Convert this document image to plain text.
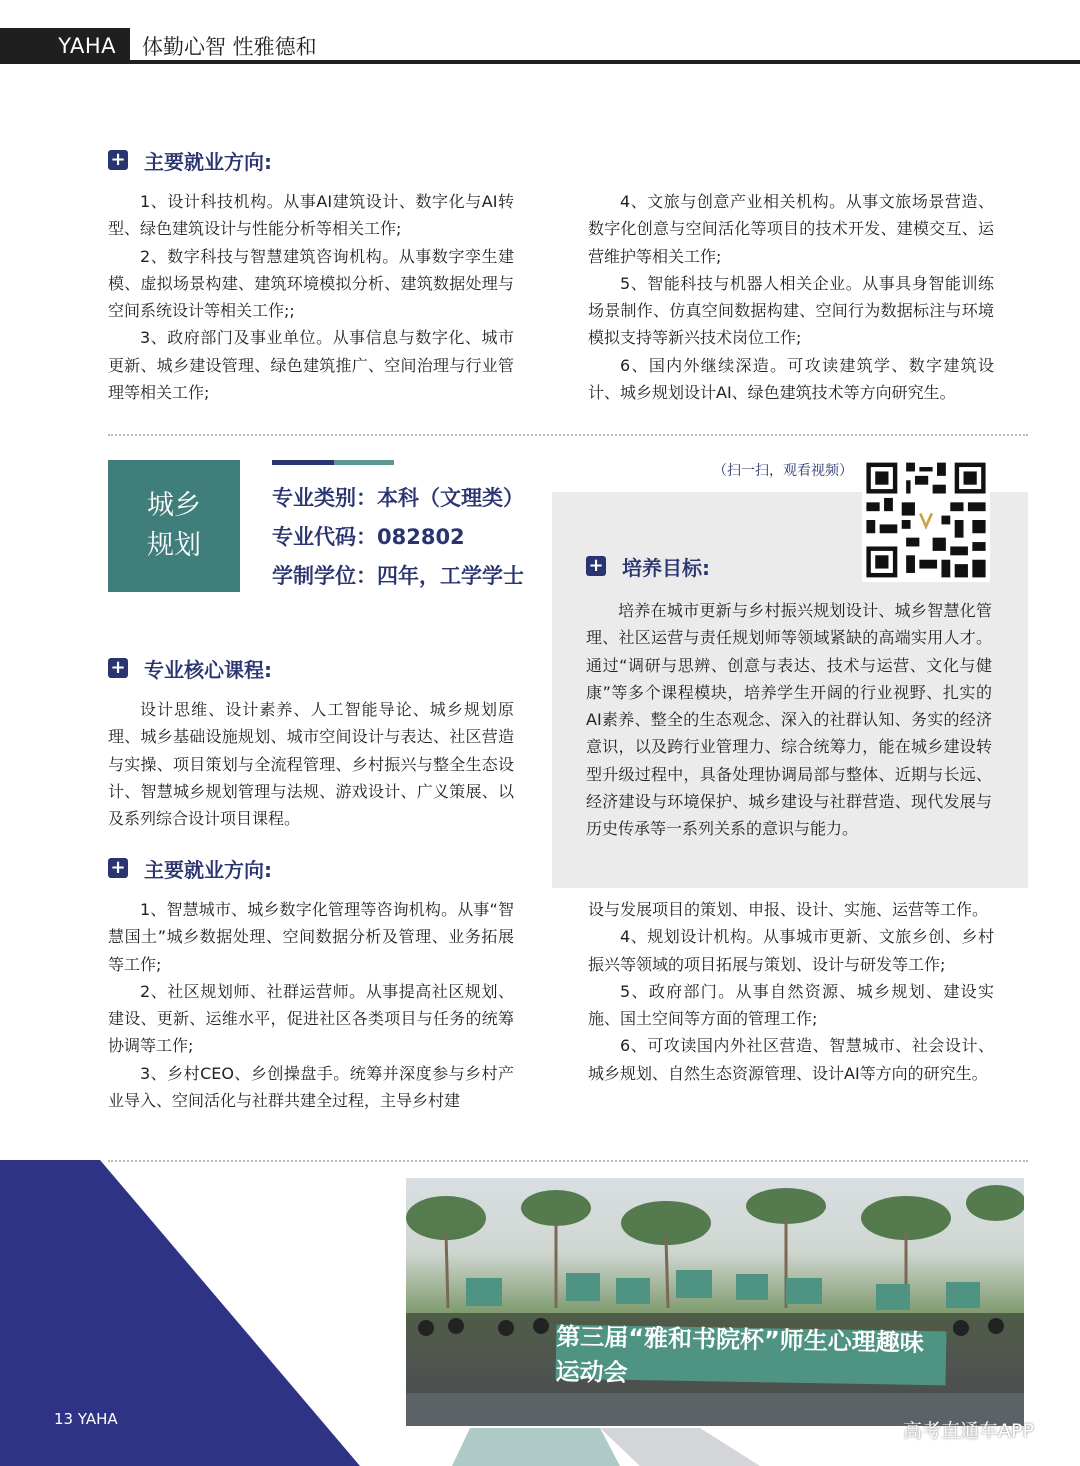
YAHA	体勤心智 性雅德和
+ 主要就业方向:

1、设计科技机构。从事AI建筑设计、数字化与AI转型、绿色建筑设计与性能分析等相关工作;

2、数字科技与智慧建筑咨询机构。从事数字孪生建模、虚拟场景构建、建筑环境模拟分析、建筑数据处理与空间系统设计等相关工作;;

3、政府部门及事业单位。从事信息与数字化、城市更新、城乡建设管理、绿色建筑推广、空间治理与行业管理等相关工作;

4、文旅与创意产业相关机构。从事文旅场景营造、数字化创意与空间活化等项目的技术开发、建模交互、运营维护等相关工作;

5、智能科技与机器人相关企业。从事具身智能训练场景制作、仿真空间数据构建、空间行为数据标注与环境模拟支持等新兴技术岗位工作;

6、国内外继续深造。可攻读建筑学、数字建筑设计、城乡规划设计AI、绿色建筑技术等方向研究生。

城乡
规划
专业类别：本科（文理类）
专业代码：082802
学制学位：四年，工学学士
（扫一扫，观看视频）
+ 培养目标:

培养在城市更新与乡村振兴规划设计、城乡智慧化管理、社区运营与责任规划师等领域紧缺的高端实用人才。通过“调研与思辨、创意与表达、技术与运营、文化与健康”等多个课程模块，培养学生开阔的行业视野、扎实的AI素养、整全的生态观念、深入的社群认知、务实的经济意识，以及跨行业管理力、综合统筹力，能在城乡建设转型升级过程中，具备处理协调局部与整体、近期与长远、经济建设与环境保护、城乡建设与社群营造、现代发展与历史传承等一系列关系的意识与能力。

+ 专业核心课程:

设计思维、设计素养、人工智能导论、城乡规划原理、城乡基础设施规划、城市空间设计与表达、社区营造与实操、项目策划与全流程管理、乡村振兴与整全生态设计、智慧城乡规划管理与法规、游戏设计、广义策展、以及系列综合设计项目课程。

+ 主要就业方向:

1、智慧城市、城乡数字化管理等咨询机构。从事“智慧国土”城乡数据处理、空间数据分析及管理、业务拓展等工作;

2、社区规划师、社群运营师。从事提高社区规划、建设、更新、运维水平，促进社区各类项目与任务的统筹协调等工作;

3、乡村CEO、乡创操盘手。统筹并深度参与乡村产业导入、空间活化与社群共建全过程，主导乡村建

设与发展项目的策划、申报、设计、实施、运营等工作。

4、规划设计机构。从事城市更新、文旅乡创、乡村振兴等领域的项目拓展与策划、设计与研发等工作;

5、政府部门。从事自然资源、城乡规划、建设实施、国土空间等方面的管理工作;

6、可攻读国内外社区营造、智慧城市、社会设计、城乡规划、自然生态资源管理、设计AI等方向的研究生。

第三届“雅和书院杯”师生心理趣味运动会
13 YAHA
高考直通车APP
